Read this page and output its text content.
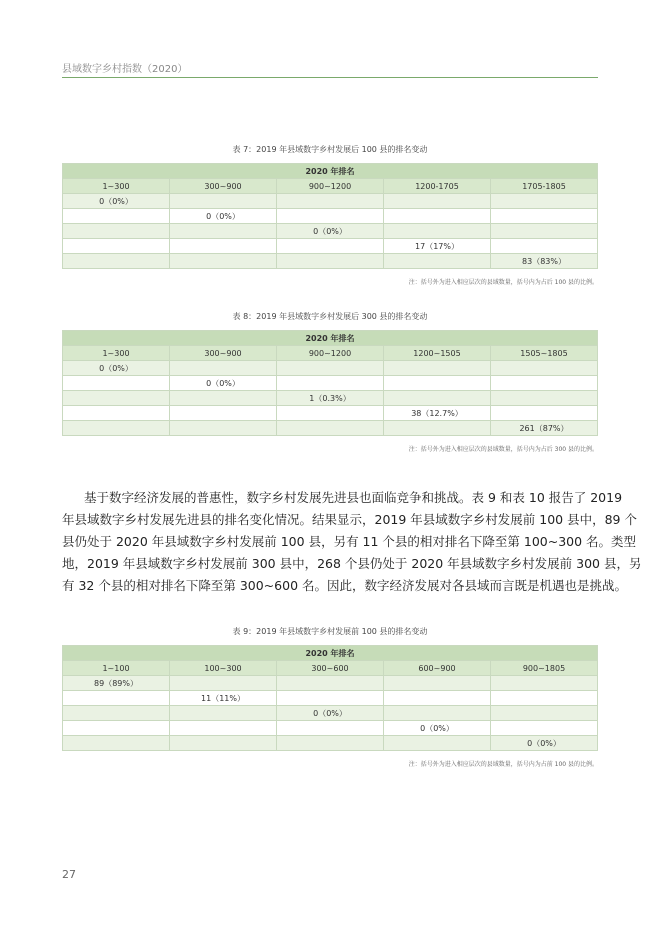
县域数字乡村指数（2020）
表 7：2019 年县域数字乡村发展后 100 县的排名变动
2020 年排名				
1~300	300~900	900~1200	1200-1705	1705-1805
0（0%）				
	0（0%）			
		0（0%）		
			17（17%）	
				83（83%）
注：括号外为进入相应层次的县域数量，括号内为占后 100 县的比例。
表 8：2019 年县域数字乡村发展后 300 县的排名变动
2020 年排名				
1~300	300~900	900~1200	1200~1505	1505~1805
0（0%）				
	0（0%）			
		1（0.3%）		
			38（12.7%）	
				261（87%）
注：括号外为进入相应层次的县域数量，括号内为占后 300 县的比例。
基于数字经济发展的普惠性，数字乡村发展先进县也面临竞争和挑战。表 9 和表 10 报告了 2019
年县域数字乡村发展先进县的排名变化情况。结果显示，2019 年县域数字乡村发展前 100 县中，89 个
县仍处于 2020 年县域数字乡村发展前 100 县，另有 11 个县的相对排名下降至第 100~300 名。类型
地，2019 年县域数字乡村发展前 300 县中，268 个县仍处于 2020 年县域数字乡村发展前 300 县，另
有 32 个县的相对排名下降至第 300~600 名。因此，数字经济发展对各县域而言既是机遇也是挑战。
表 9：2019 年县域数字乡村发展前 100 县的排名变动
2020 年排名				
1~100	100~300	300~600	600~900	900~1805
89（89%）				
	11（11%）			
		0（0%）		
			0（0%）	
				0（0%）
注：括号外为进入相应层次的县域数量，括号内为占前 100 县的比例。
27
